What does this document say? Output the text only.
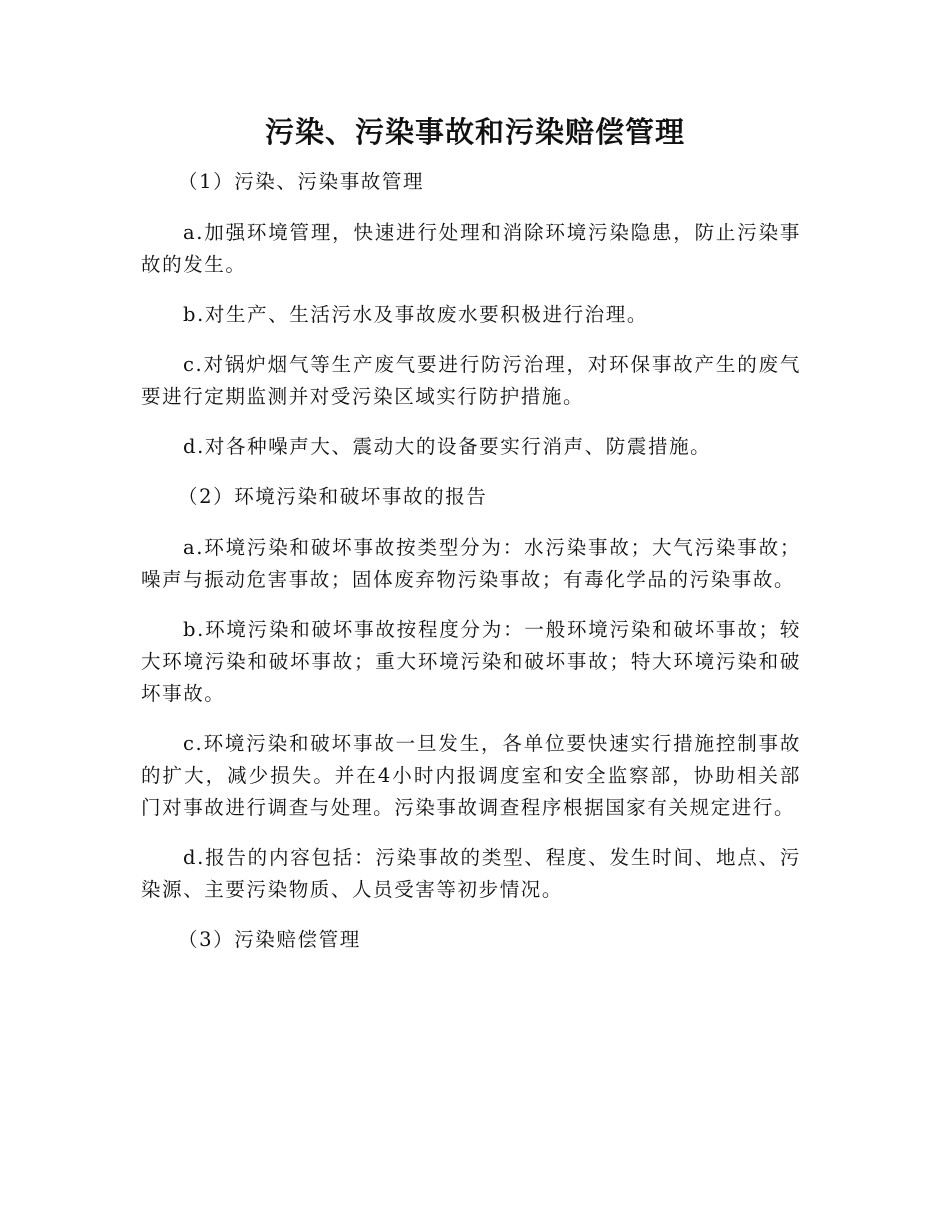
污染、污染事故和污染赔偿管理
（1）污染、污染事故管理

a.加强环境管理，快速进行处理和消除环境污染隐患，防止污染事故的发生。

b.对生产、生活污水及事故废水要积极进行治理。

c.对锅炉烟气等生产废气要进行防污治理，对环保事故产生的废气要进行定期监测并对受污染区域实行防护措施。

d.对各种噪声大、震动大的设备要实行消声、防震措施。

（2）环境污染和破坏事故的报告

a.环境污染和破坏事故按类型分为：水污染事故；大气污染事故；噪声与振动危害事故；固体废弃物污染事故；有毒化学品的污染事故。

b.环境污染和破坏事故按程度分为：一般环境污染和破坏事故；较大环境污染和破坏事故；重大环境污染和破坏事故；特大环境污染和破坏事故。

c.环境污染和破坏事故一旦发生，各单位要快速实行措施控制事故的扩大，减少损失。并在4小时内报调度室和安全监察部，协助相关部门对事故进行调查与处理。污染事故调查程序根据国家有关规定进行。

d.报告的内容包括：污染事故的类型、程度、发生时间、地点、污染源、主要污染物质、人员受害等初步情况。

（3）污染赔偿管理
